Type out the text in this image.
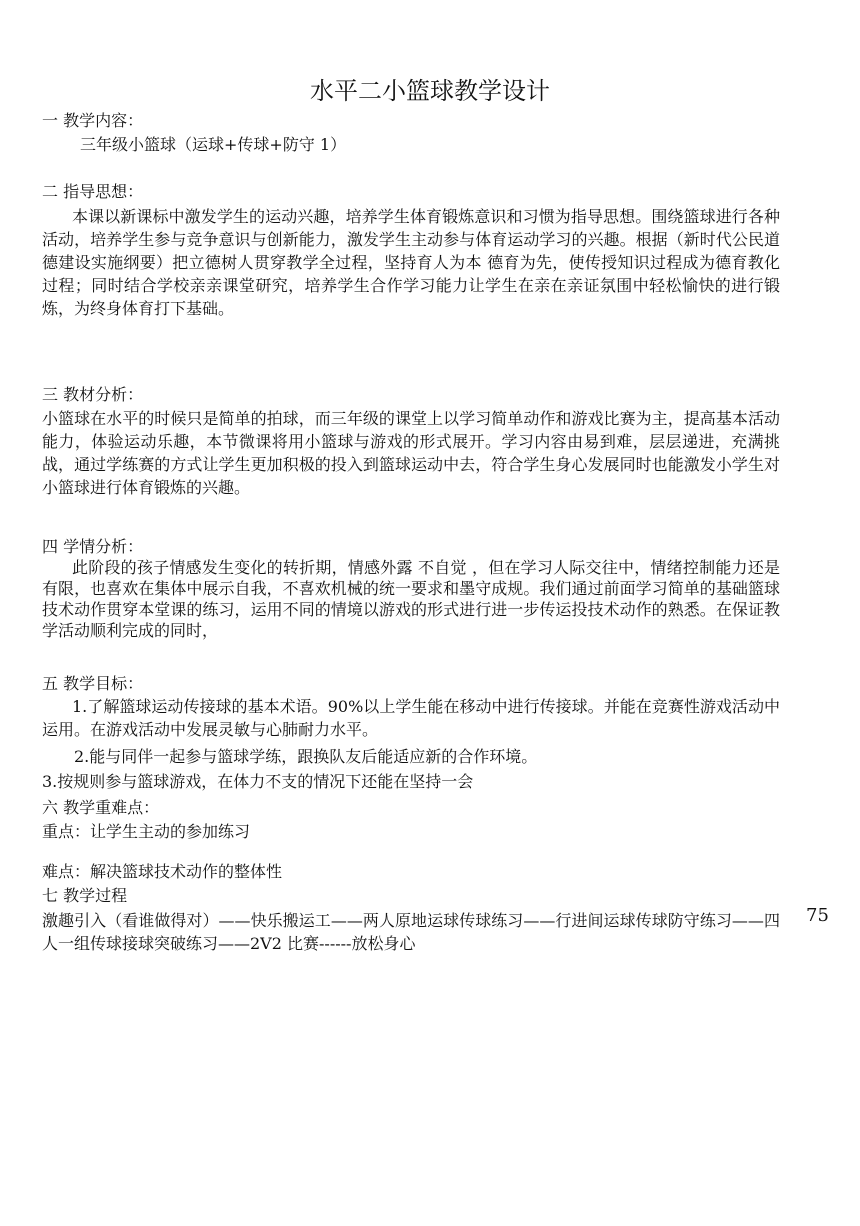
水平二小篮球教学设计
一 教学内容：
三年级小篮球（运球+传球+防守 1）
二 指导思想：
本课以新课标中激发学生的运动兴趣，培养学生体育锻炼意识和习惯为指导思想。围绕篮球进行各种活动，培养学生参与竞争意识与创新能力，激发学生主动参与体育运动学习的兴趣。根据（新时代公民道德建设实施纲要）把立德树人贯穿教学全过程，坚持育人为本 德育为先，使传授知识过程成为德育教化过程；同时结合学校亲亲课堂研究，培养学生合作学习能力让学生在亲在亲证氛围中轻松愉快的进行锻炼，为终身体育打下基础。
三 教材分析：
小篮球在水平的时候只是简单的拍球，而三年级的课堂上以学习简单动作和游戏比赛为主，提高基本活动能力，体验运动乐趣，本节微课将用小篮球与游戏的形式展开。学习内容由易到难，层层递进，充满挑战，通过学练赛的方式让学生更加积极的投入到篮球运动中去，符合学生身心发展同时也能激发小学生对小篮球进行体育锻炼的兴趣。
四 学情分析：
此阶段的孩子情感发生变化的转折期，情感外露 不自觉 ，但在学习人际交往中，情绪控制能力还是有限，也喜欢在集体中展示自我，不喜欢机械的统一要求和墨守成规。我们通过前面学习简单的基础篮球技术动作贯穿本堂课的练习，运用不同的情境以游戏的形式进行进一步传运投技术动作的熟悉。在保证教学活动顺利完成的同时，
五 教学目标：
1.了解篮球运动传接球的基本术语。90%以上学生能在移动中进行传接球。并能在竞赛性游戏活动中运用。在游戏活动中发展灵敏与心肺耐力水平。
2.能与同伴一起参与篮球学练，跟换队友后能适应新的合作环境。
3.按规则参与篮球游戏，在体力不支的情况下还能在坚持一会
六 教学重难点：
重点：让学生主动的参加练习
难点：解决篮球技术动作的整体性
七 教学过程
激趣引入（看谁做得对）——快乐搬运工——两人原地运球传球练习——行进间运球传球防守练习——四人一组传球接球突破练习——2V2 比赛------放松身心
75
